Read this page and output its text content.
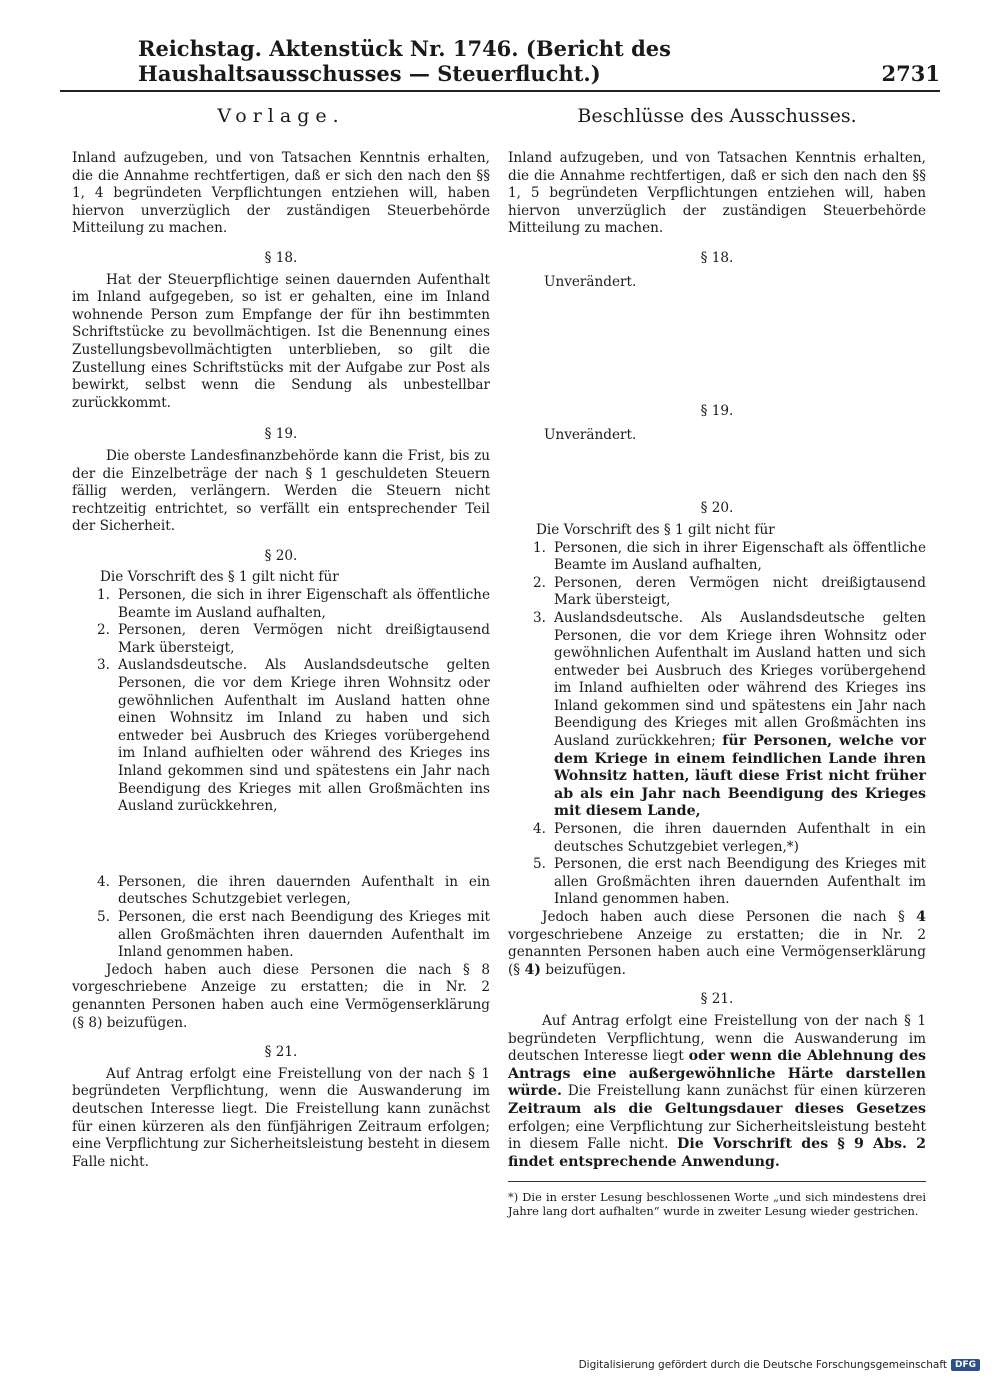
Reichstag. Aktenstück Nr. 1746. (Bericht des Haushaltsausschusses — Steuerflucht.)	2731
Vorlage.

Inland aufzugeben, und von Tatsachen Kenntnis erhalten, die die Annahme rechtfertigen, daß er sich den nach den §§ 1, 4 begründeten Verpflichtungen entziehen will, haben hiervon unverzüglich der zuständigen Steuerbehörde Mitteilung zu machen.

§ 18.

Hat der Steuerpflichtige seinen dauernden Aufenthalt im Inland aufgegeben, so ist er gehalten, eine im Inland wohnende Person zum Empfange der für ihn bestimmten Schriftstücke zu bevollmächtigen. Ist die Benennung eines Zustellungsbevollmächtigten unterblieben, so gilt die Zustellung eines Schriftstücks mit der Aufgabe zur Post als bewirkt, selbst wenn die Sendung als unbestellbar zurückkommt.

§ 19.

Die oberste Landesfinanzbehörde kann die Frist, bis zu der die Einzelbeträge der nach § 1 geschuldeten Steuern fällig werden, verlängern. Werden die Steuern nicht rechtzeitig entrichtet, so verfällt ein entsprechender Teil der Sicherheit.

§ 20.

Die Vorschrift des § 1 gilt nicht für

1. Personen, die sich in ihrer Eigenschaft als öffentliche Beamte im Ausland aufhalten,
2. Personen, deren Vermögen nicht dreißigtausend Mark übersteigt,
3. Auslandsdeutsche. Als Auslandsdeutsche gelten Personen, die vor dem Kriege ihren Wohnsitz oder gewöhnlichen Aufenthalt im Ausland hatten ohne einen Wohnsitz im Inland zu haben und sich entweder bei Ausbruch des Krieges vorübergehend im Inland aufhielten oder während des Krieges ins Inland gekommen sind und spätestens ein Jahr nach Beendigung des Krieges mit allen Großmächten ins Ausland zurückkehren,
4. Personen, die ihren dauernden Aufenthalt in ein deutsches Schutzgebiet verlegen,
5. Personen, die erst nach Beendigung des Krieges mit allen Großmächten ihren dauernden Aufenthalt im Inland genommen haben.

Jedoch haben auch diese Personen die nach § 8 vorgeschriebene Anzeige zu erstatten; die in Nr. 2 genannten Personen haben auch eine Vermögenserklärung (§ 8) beizufügen.

§ 21.

Auf Antrag erfolgt eine Freistellung von der nach § 1 begründeten Verpflichtung, wenn die Auswanderung im deutschen Interesse liegt. Die Freistellung kann zunächst für einen kürzeren als den fünfjährigen Zeitraum erfolgen; eine Verpflichtung zur Sicherheitsleistung besteht in diesem Falle nicht.

Beschlüsse des Ausschusses.

Inland aufzugeben, und von Tatsachen Kenntnis erhalten, die die Annahme rechtfertigen, daß er sich den nach den §§ 1, 5 begründeten Verpflichtungen entziehen will, haben hiervon unverzüglich der zuständigen Steuerbehörde Mitteilung zu machen.

§ 18.

Unverändert.

§ 19.

Unverändert.

§ 20.

Die Vorschrift des § 1 gilt nicht für

1. Personen, die sich in ihrer Eigenschaft als öffentliche Beamte im Ausland aufhalten,
2. Personen, deren Vermögen nicht dreißigtausend Mark übersteigt,
3. Auslandsdeutsche. Als Auslandsdeutsche gelten Personen, die vor dem Kriege ihren Wohnsitz oder gewöhnlichen Aufenthalt im Ausland hatten und sich entweder bei Ausbruch des Krieges vorübergehend im Inland aufhielten oder während des Krieges ins Inland gekommen sind und spätestens ein Jahr nach Beendigung des Krieges mit allen Großmächten ins Ausland zurückkehren; für Personen, welche vor dem Kriege in einem feindlichen Lande ihren Wohnsitz hatten, läuft diese Frist nicht früher ab als ein Jahr nach Beendigung des Krieges mit diesem Lande,
4. Personen, die ihren dauernden Aufenthalt in ein deutsches Schutzgebiet verlegen,*)
5. Personen, die erst nach Beendigung des Krieges mit allen Großmächten ihren dauernden Aufenthalt im Inland genommen haben.

Jedoch haben auch diese Personen die nach § 4 vorgeschriebene Anzeige zu erstatten; die in Nr. 2 genannten Personen haben auch eine Vermögenserklärung (§ 4) beizufügen.

§ 21.

Auf Antrag erfolgt eine Freistellung von der nach § 1 begründeten Verpflichtung, wenn die Auswanderung im deutschen Interesse liegt oder wenn die Ablehnung des Antrags eine außergewöhnliche Härte darstellen würde. Die Freistellung kann zunächst für einen kürzeren Zeitraum als die Geltungsdauer dieses Gesetzes erfolgen; eine Verpflichtung zur Sicherheitsleistung besteht in diesem Falle nicht. Die Vorschrift des § 9 Abs. 2 findet entsprechende Anwendung.

*) Die in erster Lesung beschlossenen Worte „und sich mindestens drei Jahre lang dort aufhalten“ wurde in zweiter Lesung wieder gestrichen.
Digitalisierung gefördert durch die Deutsche Forschungsgemeinschaft DFG
